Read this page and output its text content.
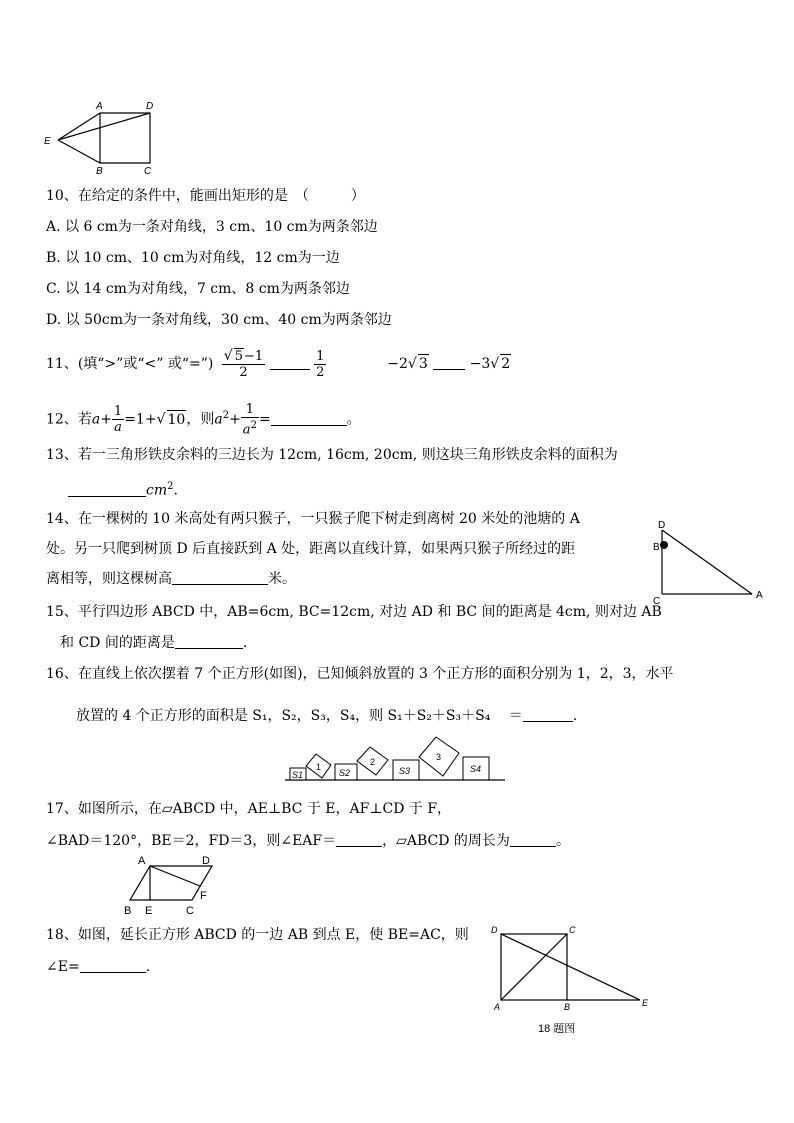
A	D
E
B	C
10、在给定的条件中，能画出矩形的是　（　　　）
A. 以 6 cm为一条对角线，3 cm、10 cm为两条邻边
B. 以 10 cm、10 cm为对角线，12 cm为一边
C. 以 14 cm为对角线，7 cm、8 cm为两条邻边
D. 以 50cm为一条对角线，30 cm、40 cm为两条邻边
11、(填“>”或“<” 或“=”) $\frac{√ 5-1}{2}$
	$\frac{1}{2}$	−2√ 3	−3√ 2
12、若$a+ \frac{1}{a} =1+√$ 10，则$a^2+ \frac{1}{a^2}$ =	。
13、若一三角形铁皮余料的三边长为 12cm, 16cm, 20cm, 则这块三角形铁皮余料的面积为
$cm^2$.
14、在一棵树的 10 米高处有两只猴子，一只猴子爬下树走到离树 20 米处的池塘的 A
处。另一只爬到树顶 D 后直接跃到 A 处，距离以直线计算，如果两只猴子所经过的距
离相等，则这棵树高	米。
D
B
C
A
15、平行四边形 ABCD 中，AB=6cm, BC=12cm, 对边 AD 和 BC 间的距离是 4cm, 则对边 AB
和 CD 间的距离是	.
16、在直线上依次摆着 7 个正方形(如图)，已知倾斜放置的 3 个正方形的面积分别为 1，2，3，水平
放置的 4 个正方形的面积是 S₁，S₂，S₃，S₄，则 S₁＋S₂＋S₃＋S₄　 ＝	.
S1
1
S2
2
S3
3
S4
17、如图所示，在▱ABCD 中，AE⊥BC 于 E，AF⊥CD 于 F，
∠BAD＝120°，BE＝2，FD＝3，则∠EAF＝	，▱ABCD 的周长为	。
A	D
F
B E	C
18、如图，延长正方形 ABCD 的一边 AB 到点 E，使 BE=AC，则
∠E=	.
D	C
A	B	E
18 题图
